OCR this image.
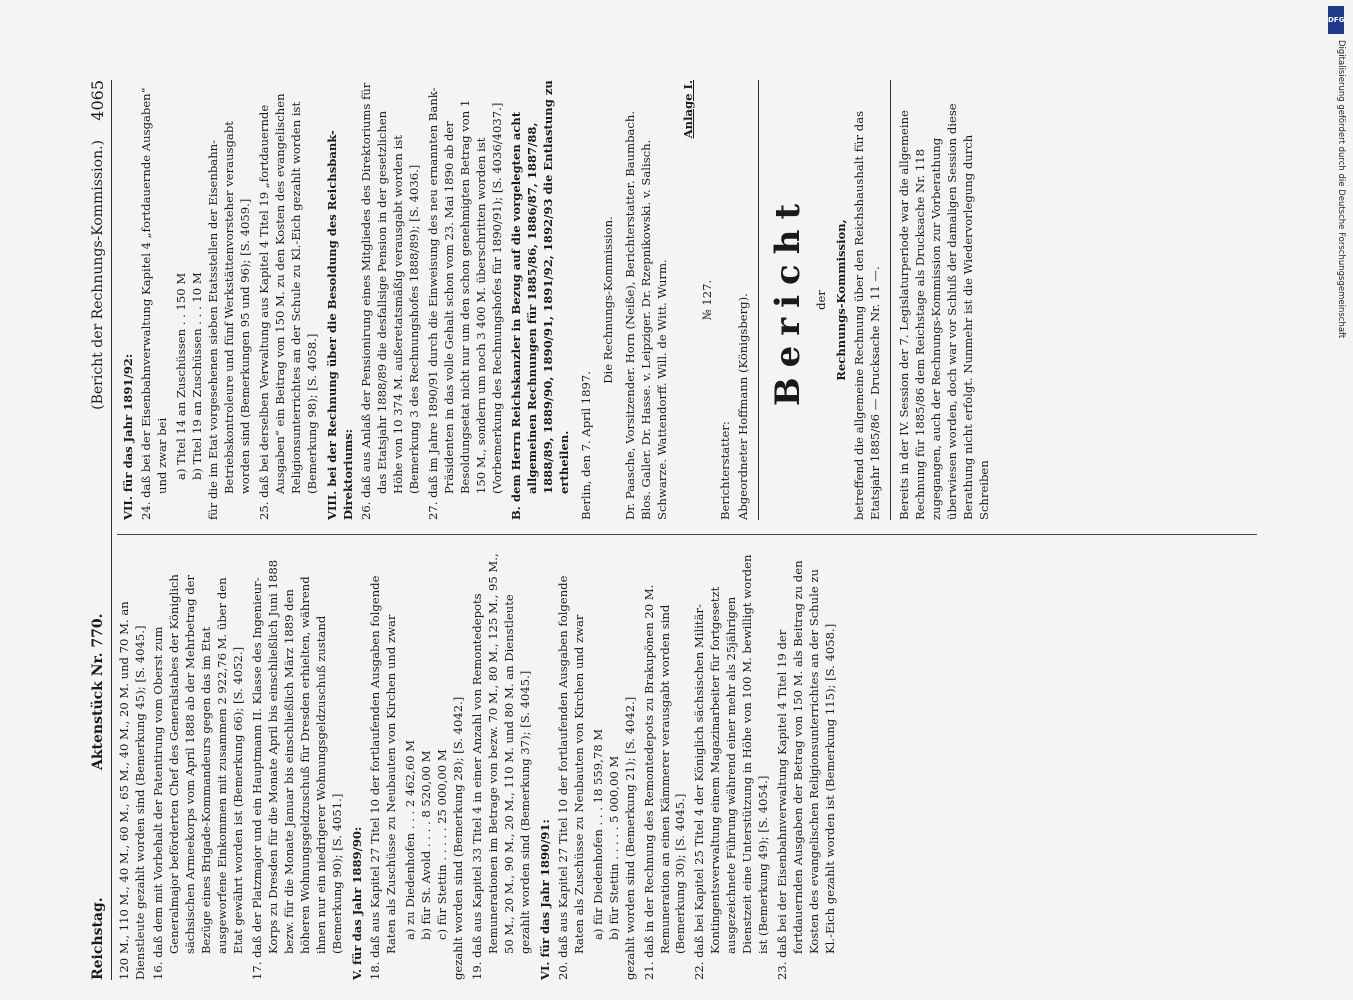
Reichstag.
Aktenstück Nr. 770.
(Bericht der Rechnungs-Kommission.)
4065

120 M., 110 M., 40 M., 60 M., 65 M., 40 M., 20 M. und 70 M. an Dienstleute gezahlt worden sind (Bemerkung 45); [S. 4045.] 16. daß dem mit Vorbehalt der Patentirung vom Oberst zum Generalmajor beförderten Chef des Generalstabes der Königlich sächsischen Armeekorps vom April 1888 ab der Mehrbetrag der Bezüge eines Brigade-Kommandeurs gegen das im Etat ausgeworfene Einkommen mit zusammen 2 922,76 M. über den Etat gewährt worden ist (Bemerkung 66); [S. 4052.] 17. daß der Platzmajor und ein Hauptmann II. Klasse des Ingenieur-Korps zu Dresden für die Monate April bis einschließlich Juni 1888 bezw. für die Monate Januar bis einschließlich März 1889 den höheren Wohnungsgeldzuschuß für Dresden erhielten, während ihnen nur ein niedrigerer Wohnungsgeldzuschuß zustand (Bemerkung 90); [S. 4051.] V. für das Jahr 1889/90: 18. daß aus Kapitel 27 Titel 10 der fortlaufenden Ausgaben folgende Raten als Zuschüsse zu Neubauten von Kirchen und zwar a) zu Diedenhofen . . . 2 462,60 M b) für St. Avold . . . . 8 520,00 M c) für Stettin . . . . . 25 000,00 M gezahlt worden sind (Bemerkung 28); [S. 4042.] 19. daß aus Kapitel 33 Titel 4 in einer Anzahl von Remontedepots Remunerationen im Betrage von bezw. 70 M., 80 M., 125 M., 95 M., 50 M., 20 M., 90 M., 20 M., 110 M. und 80 M. an Dienstleute gezahlt worden sind (Bemerkung 37); [S. 4045.] VI. für das Jahr 1890/91: 20. daß aus Kapitel 27 Titel 10 der fortlaufenden Ausgaben folgende Raten als Zuschüsse zu Neubauten von Kirchen und zwar a) für Diedenhofen . . . 18 559,78 M b) für Stettin . . . . . 5 000,00 M gezahlt worden sind (Bemerkung 21); [S. 4042.] 21. daß in der Rechnung des Remontedepots zu Brakupönen 20 M. Remuneration an einen Kämmerer verausgabt worden sind (Bemerkung 30); [S. 4045.] 22. daß bei Kapitel 25 Titel 4 der Königlich sächsischen Militär-Kontingentsverwaltung einem Magazinarbeiter für fortgesetzt ausgezeichnete Führung während einer mehr als 25jährigen Dienstzeit eine Unterstützung in Höhe von 100 M. bewilligt worden ist (Bemerkung 49); [S. 4054.] 23. daß bei der Eisenbahnverwaltung Kapitel 4 Titel 19 der fortdauernden Ausgaben der Betrag von 150 M. als Beitrag zu den Kosten des evangelischen Religionsunterrichtes an der Schule zu Kl.-Eich gezahlt worden ist (Bemerkung 115); [S. 4058.]

VII. für das Jahr 1891/92: 24. daß bei der Eisenbahnverwaltung Kapitel 4 „fortdauernde Ausgaben“ und zwar bei a) Titel 14 an Zuschüssen . . 150 M b) Titel 19 an Zuschüssen . . . 10 M für die im Etat vorgesehenen sieben Etatsstellen der Eisenbahn-Betriebskontroleure und fünf Werkstättenvorsteher verausgabt worden sind (Bemerkungen 95 und 96); [S. 4059.] 25. daß bei derselben Verwaltung aus Kapitel 4 Titel 19 „fortdauernde Ausgaben“ ein Beitrag von 150 M. zu den Kosten des evangelischen Religionsunterrichtes an der Schule zu Kl.-Eich gezahlt worden ist (Bemerkung 98); [S. 4058.] VIII. bei der Rechnung über die Besoldung des Reichsbank-Direktoriums: 26. daß aus Anlaß der Pensionirung eines Mitgliedes des Direktoriums für das Etatsjahr 1888/89 die desfallsige Pension in der gesetzlichen Höhe von 10 374 M. außeretatsmäßig verausgabt worden ist (Bemerkung 3 des Rechnungshofes 1888/89); [S. 4036.] 27. daß im Jahre 1890/91 durch die Einweisung des neu ernannten Bank-Präsidenten in das volle Gehalt schon vom 23. Mai 1890 ab der Besoldungsetat nicht nur um den schon genehmigten Betrag von 1 150 M., sondern um noch 3 400 M. überschritten worden ist (Vorbemerkung des Rechnungshofes für 1890/91); [S. 4036/4037.] B. dem Herrn Reichskanzler in Bezug auf die vorgelegten acht allgemeinen Rechnungen für 1885/86, 1886/87, 1887/88, 1888/89, 1889/90, 1890/91, 1891/92, 1892/93 die Entlastung zu ertheilen. Berlin, den 7. April 1897.

Die Rechnungs-Kommission. Dr. Paasche, Vorsitzender. Horn (Neiße), Berichterstatter. Baumbach. Blos. Galler. Dr. Hasse. v. Leipziger. Dr. Rzepnikowski. v. Salisch. Schwarze. Wattendorff. Will. de Witt. Wurm.

Anlage I.

№ 127.

Berichterstatter: Abgeordneter Hoffmann (Königsberg). Bericht der Rechnungs-Kommission, betreffend die allgemeine Rechnung über den Reichshaushalt für das Etatsjahr 1885/86 — Drucksache Nr. 11 —. Bereits in der IV. Session der 7. Legislaturperiode war die allgemeine Rechnung für 1885/86 dem Reichstage als Drucksache Nr. 118 zugegangen, auch der Rechnungs-Kommission zur Vorberathung überwiesen worden, doch war vor Schluß der damaligen Session diese Berathung nicht erfolgt. Nunmehr ist die Wiedervorlegung durch Schreiben

DFG
Digitalisierung gefördert durch die Deutsche Forschungsgemeinschaft
